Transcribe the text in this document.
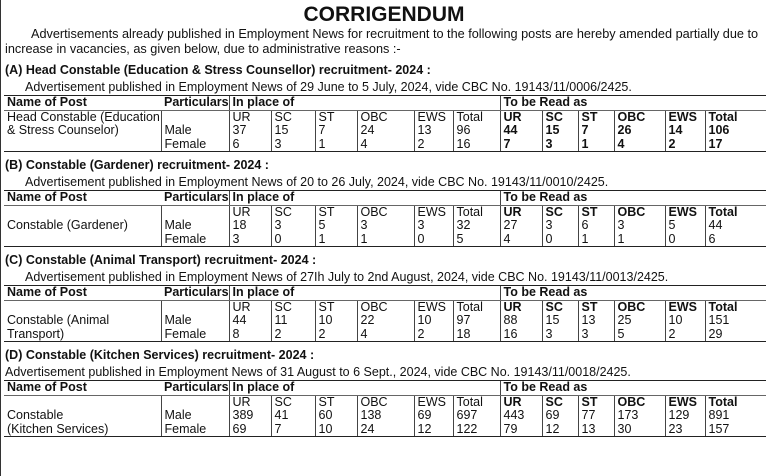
CORRIGENDUM

Advertisements already published in Employment News for recruitment to the following posts are hereby amended partially due to increase in vacancies, as given below, due to administrative reasons :-

(A) Head Constable (Education & Stress Counsellor) recruitment- 2024 :
Advertisement published in Employment News of 29 June to 5 July, 2024, vide CBC No. 19143/11/0006/2425.
Name of Post	Particulars	In place of						To be Read as					
Head Constable (Education		UR	SC	ST	OBC	EWS	Total	UR	SC	ST	OBC	EWS	Total
& Stress Counselor)	Male	37	15	7	24	13	96	44	15	7	26	14	106
	Female	6	3	1	4	2	16	7	3	1	4	2	17
(B) Constable (Gardener) recruitment- 2024 :
Advertisement published in Employment News of 20 to 26 July, 2024, vide CBC No. 19143/11/0010/2425.
Name of Post	Particulars	In place of						To be Read as					
		UR	SC	ST	OBC	EWS	Total	UR	SC	ST	OBC	EWS	Total
Constable (Gardener)	Male	18	3	5	3	3	32	27	3	6	3	5	44
	Female	3	0	1	1	0	5	4	0	1	1	0	6
(C) Constable (Animal Transport) recruitment- 2024 :
Advertisement published in Employment News of 27Ih July to 2nd August, 2024, vide CBC No. 19143/11/0013/2425.
Name of Post	Particulars	In place of						To be Read as					
		UR	SC	ST	OBC	EWS	Total	UR	SC	ST	OBC	EWS	Total
Constable (Animal	Male	44	11	10	22	10	97	88	15	13	25	10	151
Transport)	Female	8	2	2	4	2	18	16	3	3	5	2	29
(D) Constable (Kitchen Services) recruitment- 2024 :
Advertisement published in Employment News of 31 August to 6 Sept., 2024, vide CBC No. 19143/11/0018/2425.
Name of Post	Particulars	In place of						To be Read as					
		UR	SC	ST	OBC	EWS	Total	UR	SC	ST	OBC	EWS	Total
Constable	Male	389	41	60	138	69	697	443	69	77	173	129	891
(Kitchen Services)	Female	69	7	10	24	12	122	79	12	13	30	23	157
